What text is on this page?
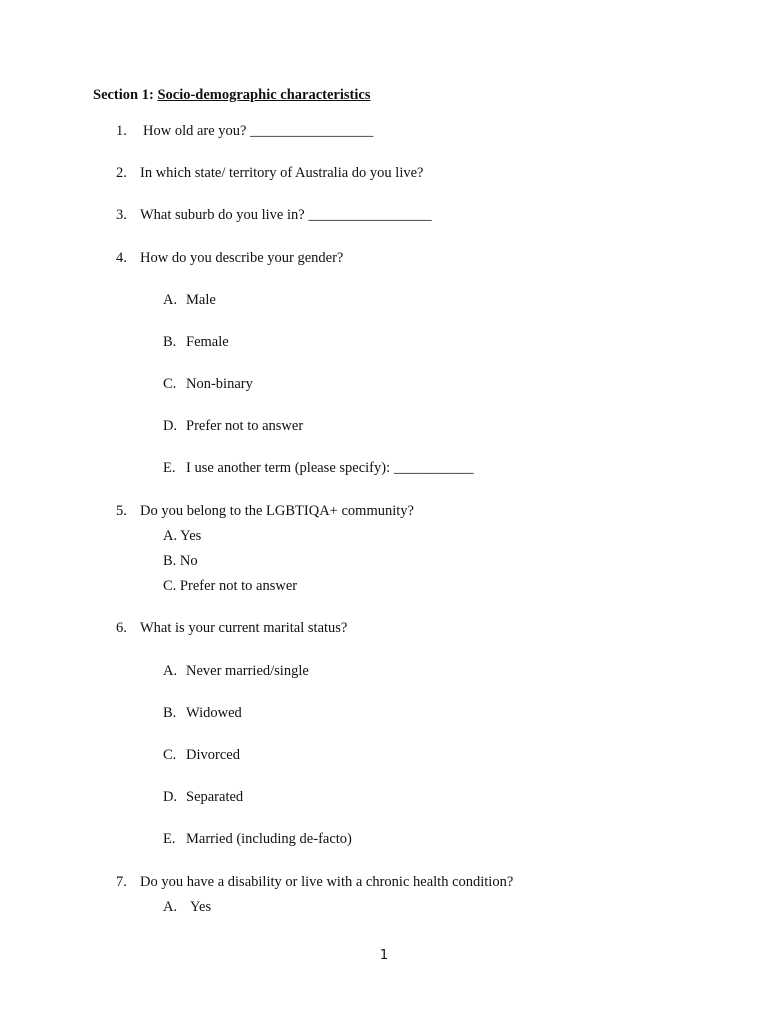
Section 1: Socio-demographic characteristics
1. How old are you? _________________
2. In which state/ territory of Australia do you live?
3. What suburb do you live in? _________________
4. How do you describe your gender?
A. Male
B. Female
C. Non-binary
D. Prefer not to answer
E. I use another term (please specify): ___________
5. Do you belong to the LGBTIQA+ community?
A. Yes
B. No
C. Prefer not to answer
6. What is your current marital status?
A. Never married/single
B. Widowed
C. Divorced
D. Separated
E. Married (including de-facto)
7. Do you have a disability or live with a chronic health condition?
A. Yes
1
